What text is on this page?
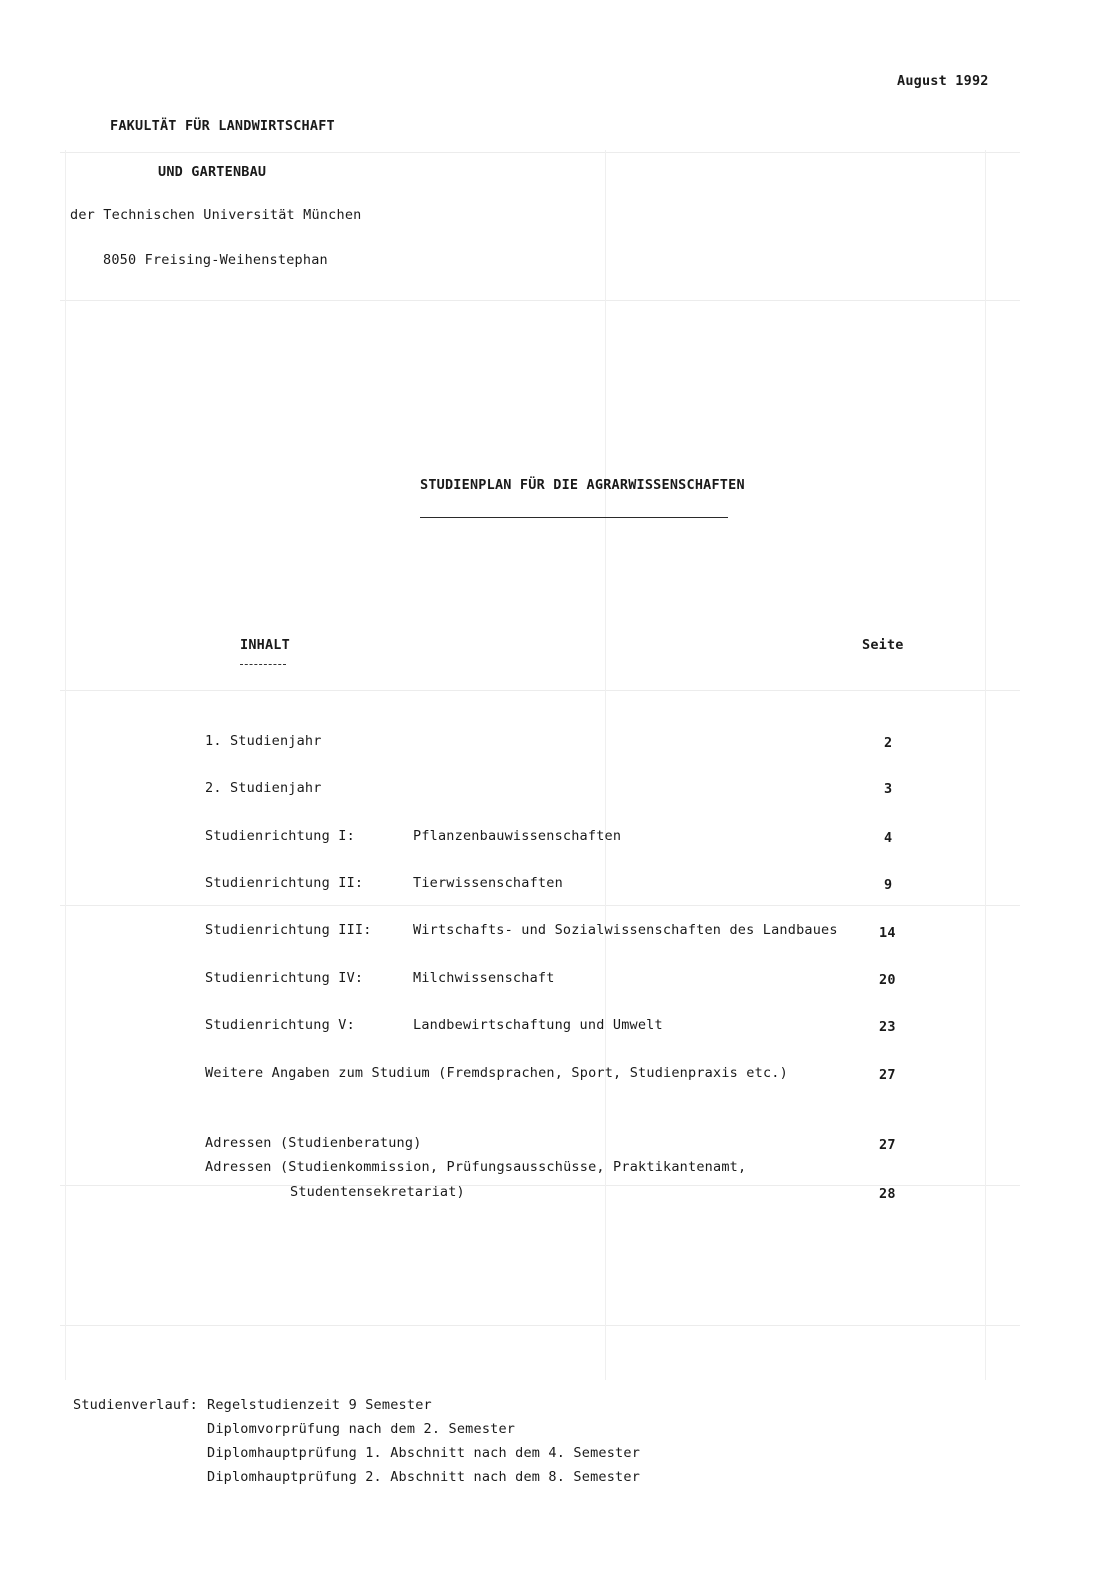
August 1992
FAKULTÄT FÜR LANDWIRTSCHAFT
UND GARTENBAU
der Technischen Universität München
8050 Freising-Weihenstephan
STUDIENPLAN FÜR DIE AGRARWISSENSCHAFTEN
INHALT	Seite
1. Studienjahr	2
2. Studienjahr	3
Studienrichtung I:	Pflanzenbauwissenschaften	4
Studienrichtung II:	Tierwissenschaften	9
Studienrichtung III:	Wirtschafts- und Sozialwissenschaften des Landbaues	14
Studienrichtung IV:	Milchwissenschaft	20
Studienrichtung V:	Landbewirtschaftung und Umwelt	23
Weitere Angaben zum Studium (Fremdsprachen, Sport, Studienpraxis etc.)	27
Adressen (Studienberatung)	27
Adressen (Studienkommission, Prüfungsausschüsse, Praktikantenamt,
Studentensekretariat)	28
Studienverlauf: Regelstudienzeit 9 Semester
Diplomvorprüfung nach dem 2. Semester
Diplomhauptprüfung 1. Abschnitt nach dem 4. Semester
Diplomhauptprüfung 2. Abschnitt nach dem 8. Semester
